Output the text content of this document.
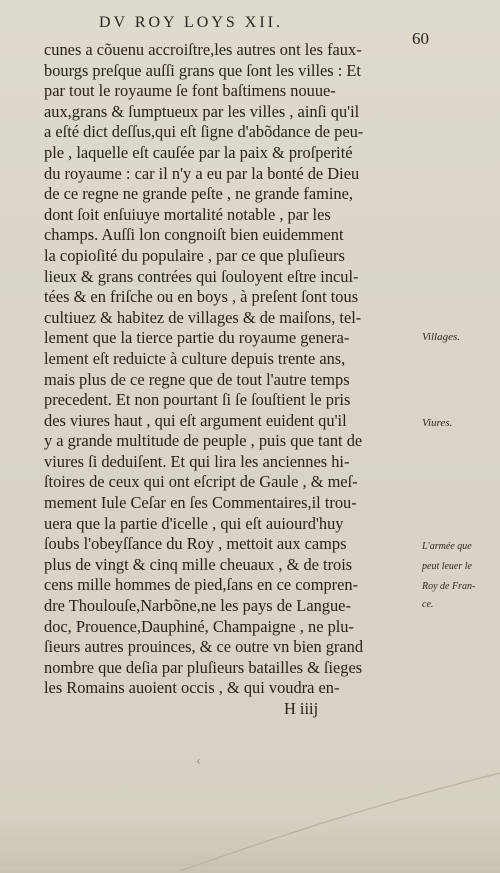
DV ROY LOYS XII.
60
cunes a cõuenu accroiſtre,les autres ont les faux-
bourgs preſque auſſi grans que ſont les villes : Et
par tout le royaume ſe font baſtimens nouue-
aux,grans & ſumptueux par les villes , ainſi qu'il
a eſté dict deſſus,qui eſt ſigne d'abõdance de peu-
ple , laquelle eſt cauſée par la paix & proſperité
du royaume : car il n'y a eu par la bonté de Dieu
de ce regne ne grande peſte , ne grande famine,
dont ſoit enſuiuye mortalité notable , par les
champs. Auſſi lon congnoiſt bien euidemment
la copioſité du populaire , par ce que pluſieurs
lieux & grans contrées qui ſouloyent eſtre incul-
tées & en friſche ou en boys , à preſent ſont tous
cultiuez & habitez de villages & de maiſons, tel-
lement que la tierce partie du royaume genera-
lement eſt reduicte à culture depuis trente ans,
mais plus de ce regne que de tout l'autre temps
precedent. Et non pourtant ſi ſe ſouſtient le pris
des viures haut , qui eſt argument euident qu'il
y a grande multitude de peuple , puis que tant de
viures ſi deduiſent. Et qui lira les anciennes hi-
ſtoires de ceux qui ont eſcript de Gaule , & meſ-
mement Iule Ceſar en ſes Commentaires,il trou-
uera que la partie d'icelle , qui eſt auiourd'huy
ſoubs l'obeyſſance du Roy , mettoit aux camps
plus de vingt & cinq mille cheuaux , & de trois
cens mille hommes de pied,ſans en ce compren-
dre Thoulouſe,Narbõne,ne les pays de Langue-
doc, Prouence,Dauphiné, Champaigne , ne plu-
ſieurs autres prouinces, & ce outre vn bien grand
nombre que deſia par pluſieurs batailles & ſieges
les Romains auoient occis , & qui voudra en-
H iiij
Villages.
Viures.
L'armée que
peut leuer le
Roy de Fran-
ce.
‹
